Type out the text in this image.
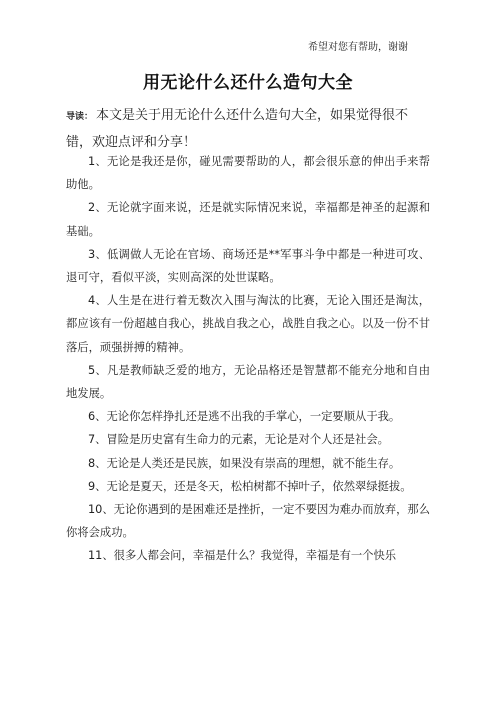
希望对您有帮助，谢谢
用无论什么还什么造句大全
导读： 本文是关于用无论什么还什么造句大全，如果觉得很不错，欢迎点评和分享！

1、无论是我还是你，碰见需要帮助的人，都会很乐意的伸出手来帮助他。

2、无论就字面来说，还是就实际情况来说，幸福都是神圣的起源和基础。

3、低调做人无论在官场、商场还是**军事斗争中都是一种进可攻、退可守，看似平淡，实则高深的处世谋略。

4、人生是在进行着无数次入围与淘汰的比赛，无论入围还是淘汰，都应该有一份超越自我心，挑战自我之心，战胜自我之心。以及一份不甘落后，顽强拼搏的精神。

5、凡是教师缺乏爱的地方，无论品格还是智慧都不能充分地和自由地发展。

6、无论你怎样挣扎还是逃不出我的手掌心，一定要顺从于我。

7、冒险是历史富有生命力的元素，无论是对个人还是社会。

8、无论是人类还是民族，如果没有崇高的理想，就不能生存。

9、无论是夏天，还是冬天，松柏树都不掉叶子，依然翠绿挺拔。

10、无论你遇到的是困难还是挫折，一定不要因为难办而放弃，那么你将会成功。

11、很多人都会问，幸福是什么？我觉得，幸福是有一个快乐
